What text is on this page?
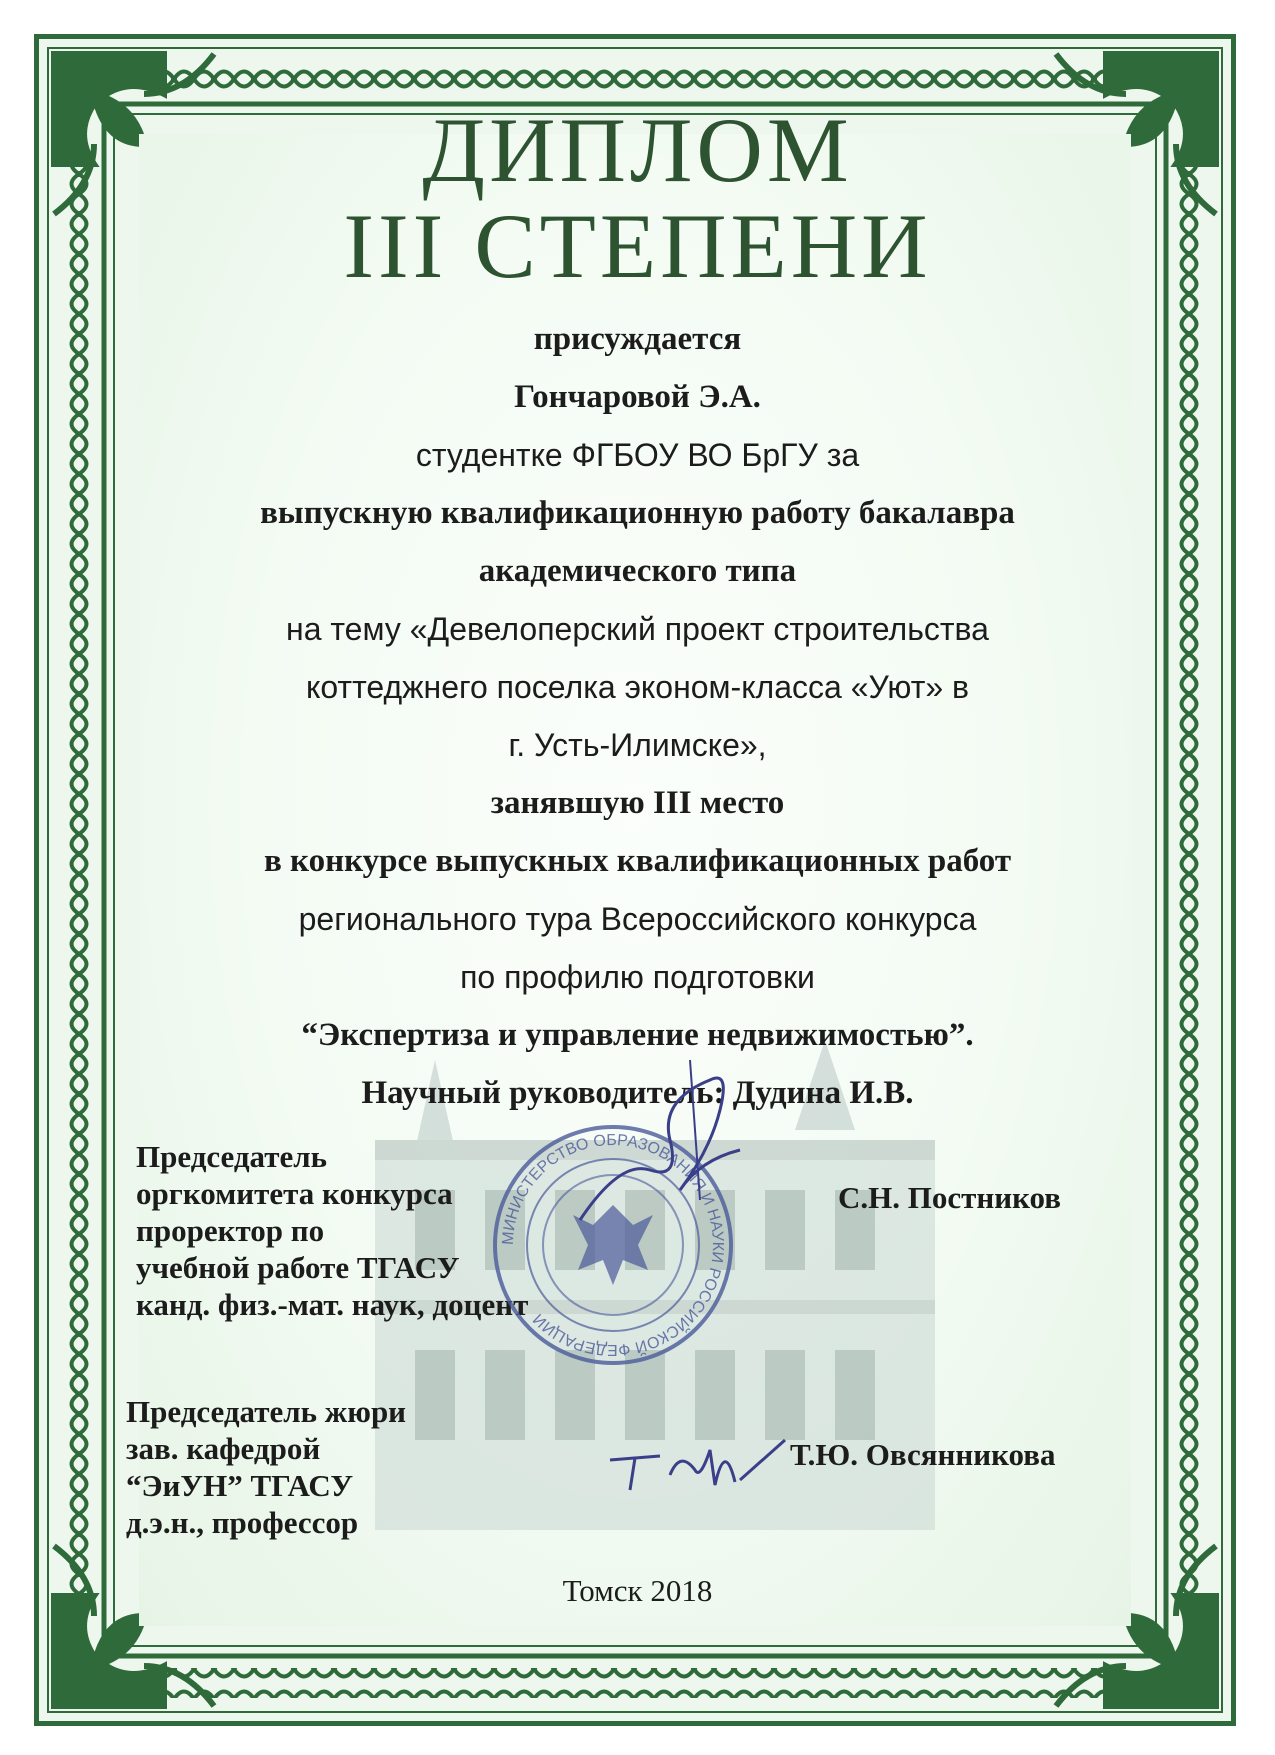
ДИПЛОМ
III СТЕПЕНИ
присуждается
Гончаровой Э.А.
студентке ФГБОУ ВО БрГУ за
выпускную квалификационную работу бакалавра
академического типа
на тему «Девелоперский проект строительства
коттеджнего поселка эконом-класса «Уют» в
г. Усть-Илимске»,
занявшую III место
в конкурсе выпускных квалификационных работ
регионального тура Всероссийского конкурса
по профилю подготовки
“Экспертиза и управление недвижимостью”.
Научный руководитель: Дудина И.В.
Председатель
оргкомитета конкурса
проректор по
учебной работе ТГАСУ
канд. физ.-мат. наук, доцент
С.Н. Постников
Председатель жюри
зав. кафедрой
“ЭиУН” ТГАСУ
д.э.н., профессор
Т.Ю. Овсянникова
МИНИСТЕРСТВО ОБРАЗОВАНИЯ И НАУКИ РОССИЙСКОЙ ФЕДЕРАЦИИ
Томск 2018
